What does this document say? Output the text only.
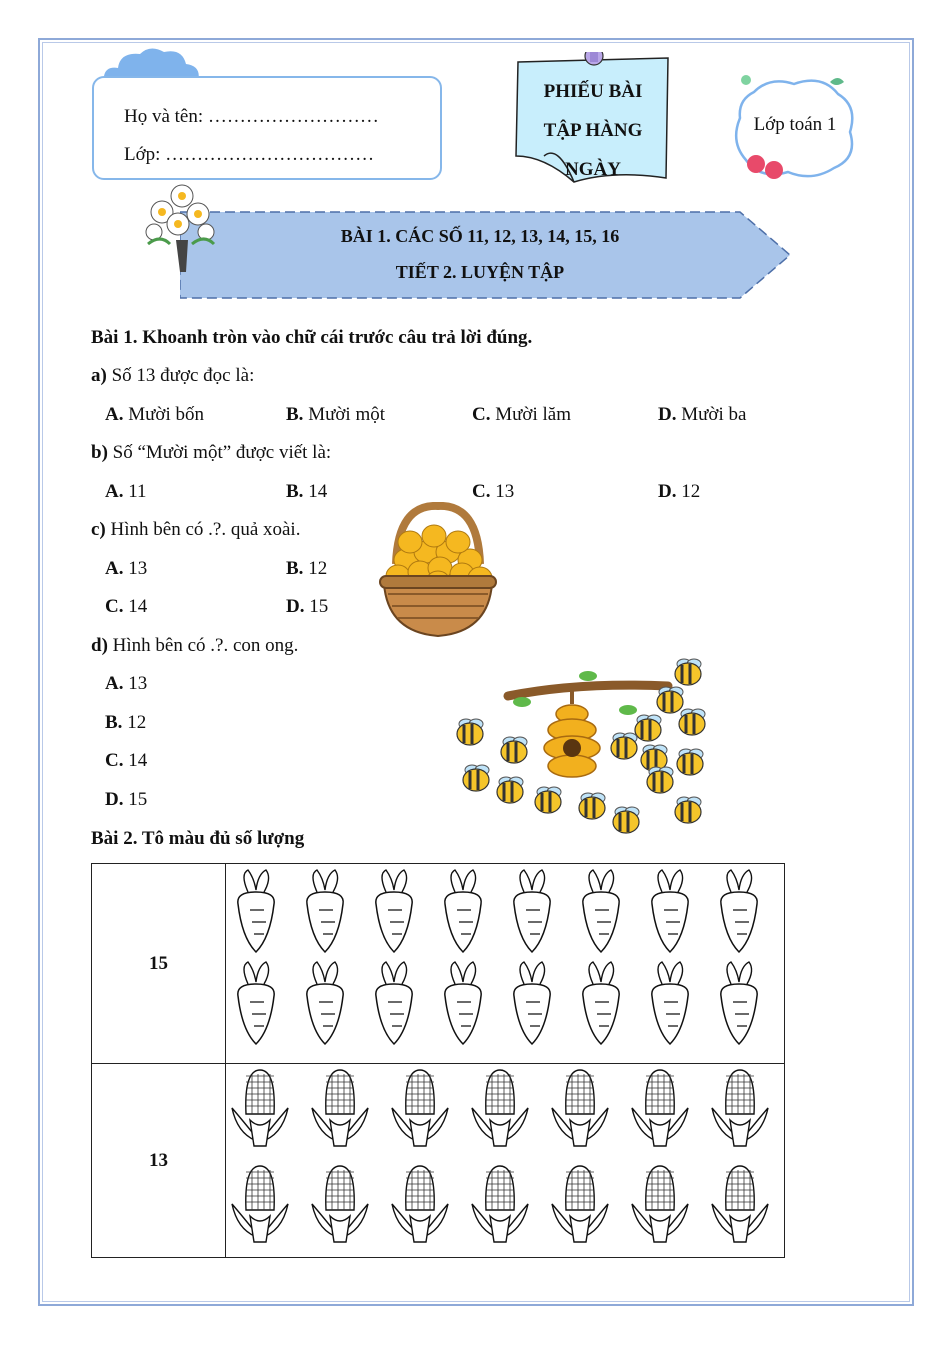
Họ và tên: ………………………
Lớp: ……………………………
PHIẾU BÀI
TẬP HÀNG
NGÀY
Lớp toán 1
BÀI 1. CÁC SỐ 11, 12, 13, 14, 15, 16
TIẾT 2. LUYỆN TẬP
Bài 1. Khoanh tròn vào chữ cái trước câu trả lời đúng.
a) Số 13 được đọc là:
A. Mười bốn	B. Mười một	C. Mười lăm	D. Mười ba
b) Số “Mười một” được viết là:
A. 11	B. 14	C. 13	D. 12
c) Hình bên có .?. quả xoài.
A. 13	B. 12
C. 14	D. 15
d) Hình bên có .?. con ong.
A. 13
B. 12
C. 14
D. 15
Bài 2. Tô màu đủ số lượng
15	
13	
